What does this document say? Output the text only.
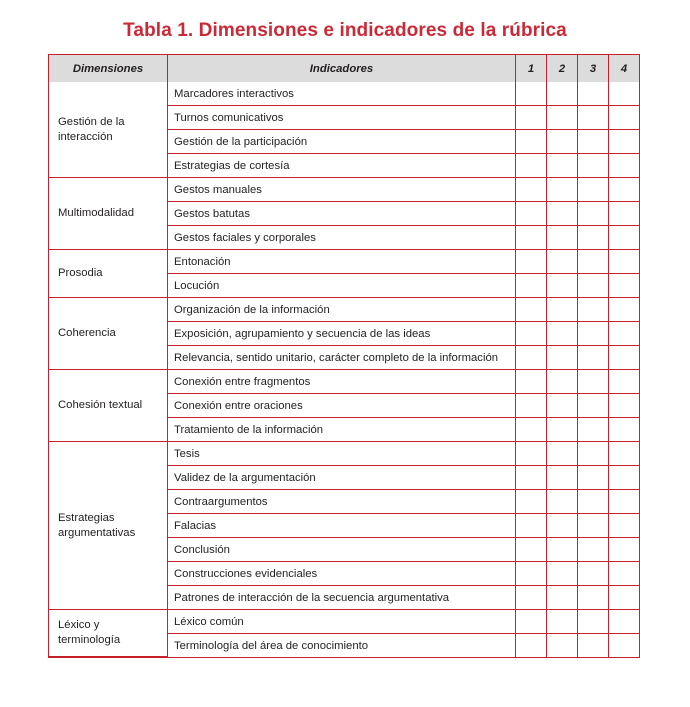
Tabla 1. Dimensiones e indicadores de la rúbrica
Dimensiones	Indicadores	1	2	3	4
Gestión de la
interacción	Marcadores interactivos				
	Turnos comunicativos				
	Gestión de la participación				
	Estrategias de cortesía				
Multimodalidad	Gestos manuales				
	Gestos batutas				
	Gestos faciales y corporales				
Prosodia	Entonación				
	Locución				
Coherencia	Organización de la información				
	Exposición, agrupamiento y secuencia de las ideas				
	Relevancia, sentido unitario, carácter completo de la información				
Cohesión textual	Conexión entre fragmentos				
	Conexión entre oraciones				
	Tratamiento de la información				
Estrategias
argumentativas	Tesis				
	Validez de la argumentación				
	Contraargumentos				
	Falacias				
	Conclusión				
	Construcciones evidenciales				
	Patrones de interacción de la secuencia argumentativa				
Léxico y
terminología	Léxico común				
	Terminología del área de conocimiento				
